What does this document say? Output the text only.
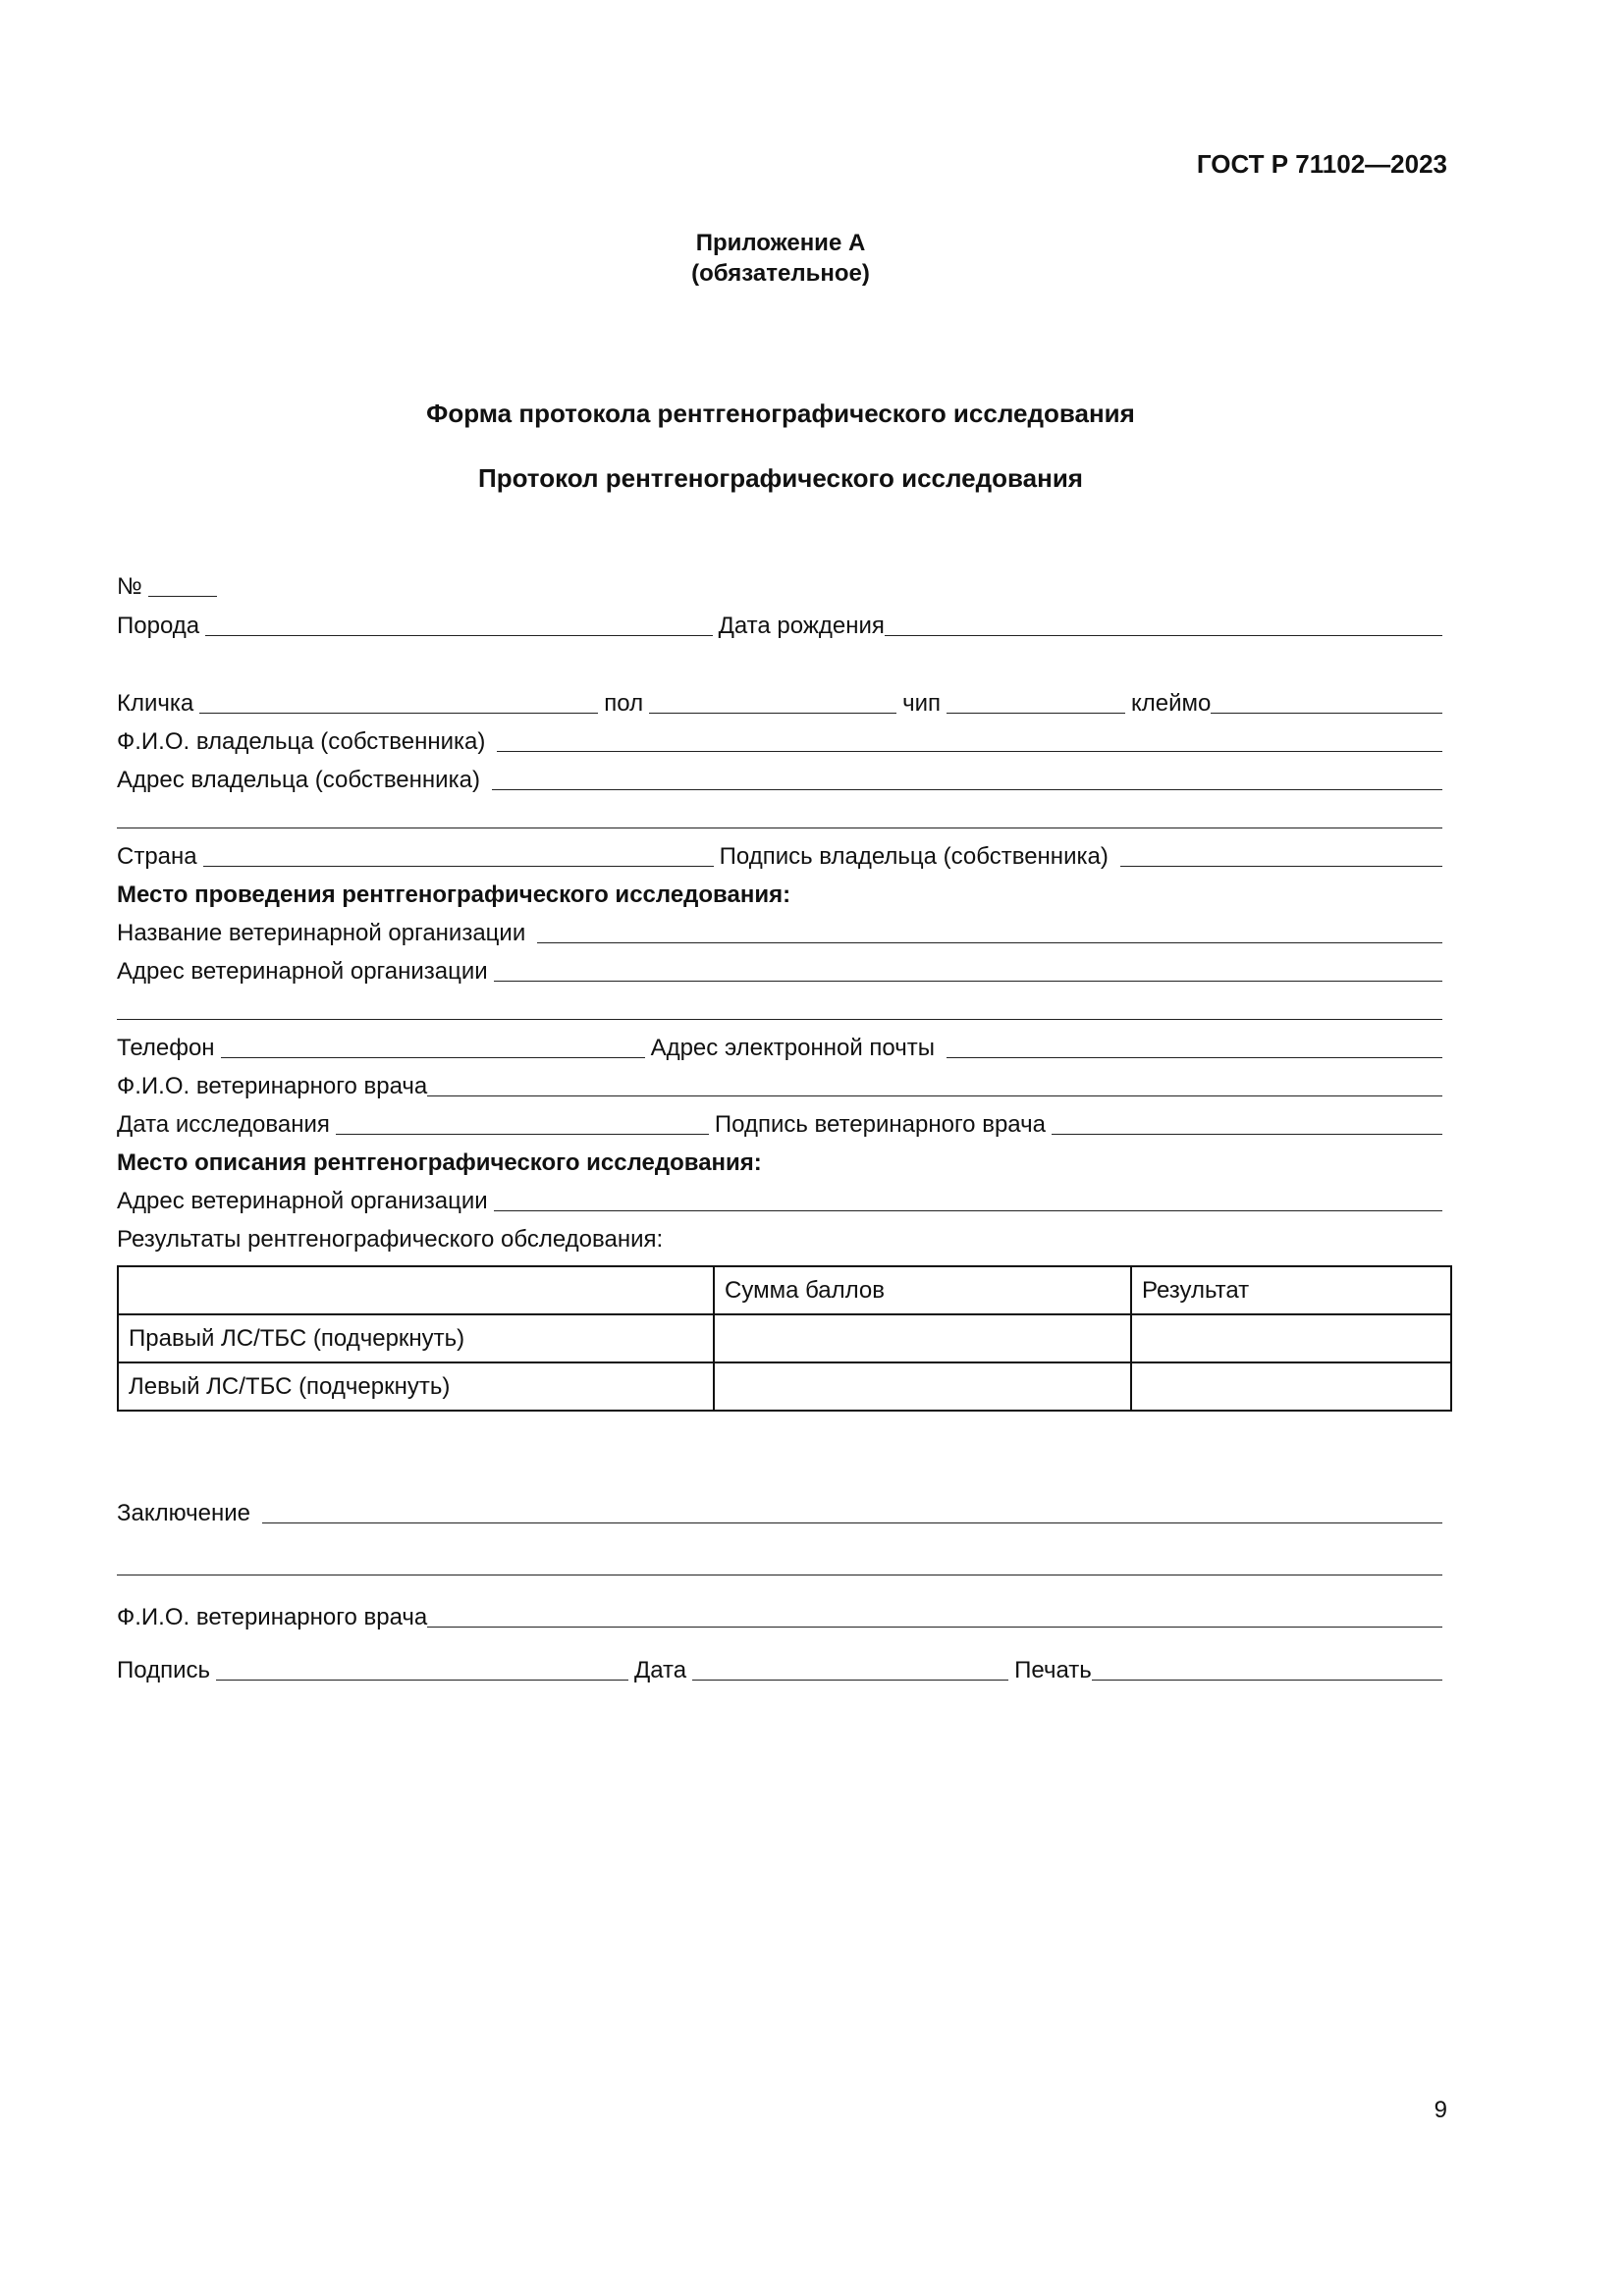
ГОСТ Р 71102—2023
Приложение А
(обязательное)
Форма протокола рентгенографического исследования
Протокол рентгенографического исследования
№
Порода	Дата рождения
Кличка	пол	чип	клеймо
Ф.И.О. владельца (собственника)
Адрес владельца (собственника)
Страна	Подпись владельца (собственника)
Место проведения рентгенографического исследования:
Название ветеринарной организации
Адрес ветеринарной организации
Телефон	Адрес электронной почты
Ф.И.О. ветеринарного врача
Дата исследования	Подпись ветеринарного врача
Место описания рентгенографического исследования:
Адрес ветеринарной организации
Результаты рентгенографического обследования:
	Сумма баллов	Результат
Правый ЛС/ТБС (подчеркнуть)		
Левый ЛС/ТБС (подчеркнуть)		
Заключение
Ф.И.О. ветеринарного врача
Подпись	Дата	Печать
9
